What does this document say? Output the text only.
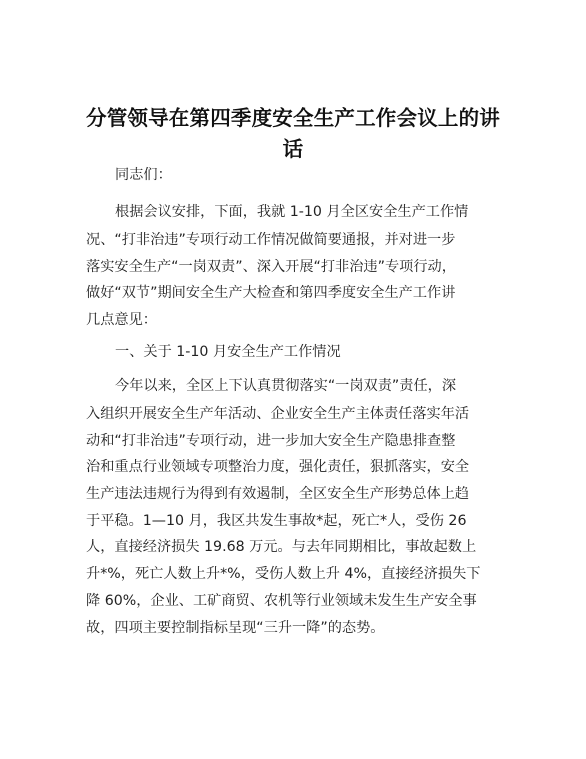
分管领导在第四季度安全生产工作会议上的讲
话
同志们：
根据会议安排，下面，我就 1-10 月全区安全生产工作情
况、“打非治违”专项行动工作情况做简要通报，并对进一步
落实安全生产“一岗双责”、深入开展“打非治违”专项行动，
做好“双节”期间安全生产大检查和第四季度安全生产工作讲
几点意见：
一、关于 1-10 月安全生产工作情况
今年以来，全区上下认真贯彻落实“一岗双责”责任，深
入组织开展安全生产年活动、企业安全生产主体责任落实年活
动和“打非治违”专项行动，进一步加大安全生产隐患排查整
治和重点行业领域专项整治力度，强化责任，狠抓落实，安全
生产违法违规行为得到有效遏制，全区安全生产形势总体上趋
于平稳。1—10 月，我区共发生事故*起，死亡*人，受伤 26
人，直接经济损失 19.68 万元。与去年同期相比，事故起数上
升*%，死亡人数上升*%，受伤人数上升 4%，直接经济损失下
降 60%，企业、工矿商贸、农机等行业领域未发生生产安全事
故，四项主要控制指标呈现“三升一降”的态势。
